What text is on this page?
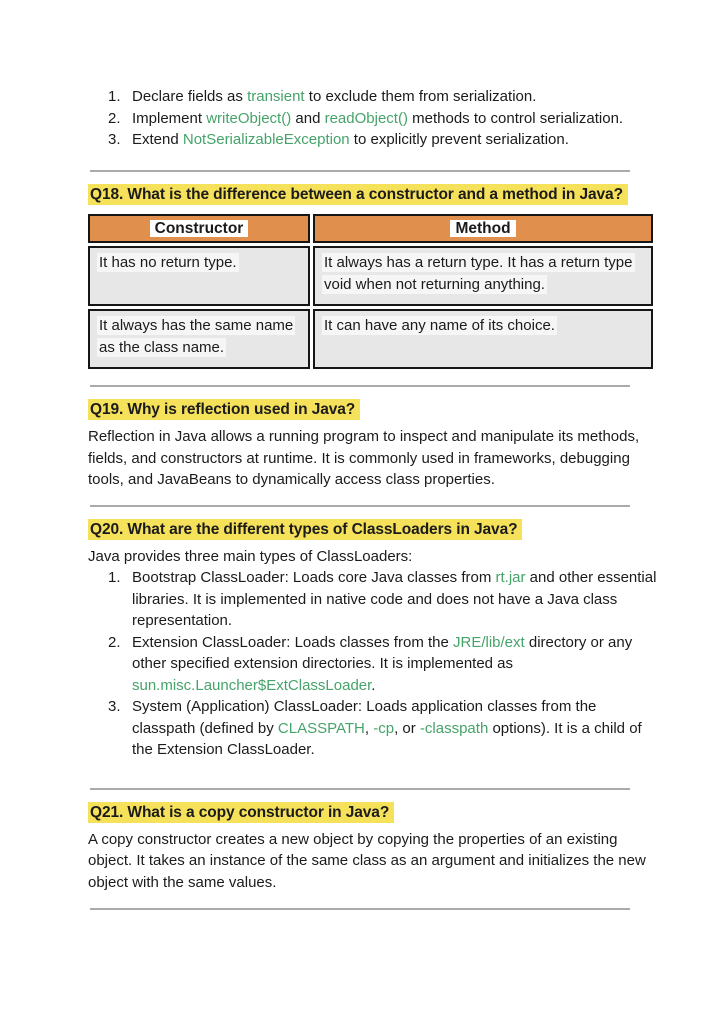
Declare fields as transient to exclude them from serialization.
Implement writeObject() and readObject() methods to control serialization.
Extend NotSerializableException to explicitly prevent serialization.
Q18. What is the difference between a constructor and a method in Java?
Constructor	Method
It has no return type.	It always has a return type. It has a return type void when not returning anything.
It always has the same name as the class name.	It can have any name of its choice.
Q19. Why is reflection used in Java?

Reflection in Java allows a running program to inspect and manipulate its methods, fields, and constructors at runtime. It is commonly used in frameworks, debugging tools, and JavaBeans to dynamically access class properties.

Q20. What are the different types of ClassLoaders in Java?

Java provides three main types of ClassLoaders:

Bootstrap ClassLoader: Loads core Java classes from rt.jar and other essential libraries. It is implemented in native code and does not have a Java class representation.
Extension ClassLoader: Loads classes from the JRE/lib/ext directory or any other specified extension directories. It is implemented as sun.misc.Launcher$ExtClassLoader.
System (Application) ClassLoader: Loads application classes from the classpath (defined by CLASSPATH, -cp, or -classpath options). It is a child of the Extension ClassLoader.
Q21. What is a copy constructor in Java?

A copy constructor creates a new object by copying the properties of an existing object. It takes an instance of the same class as an argument and initializes the new object with the same values.
